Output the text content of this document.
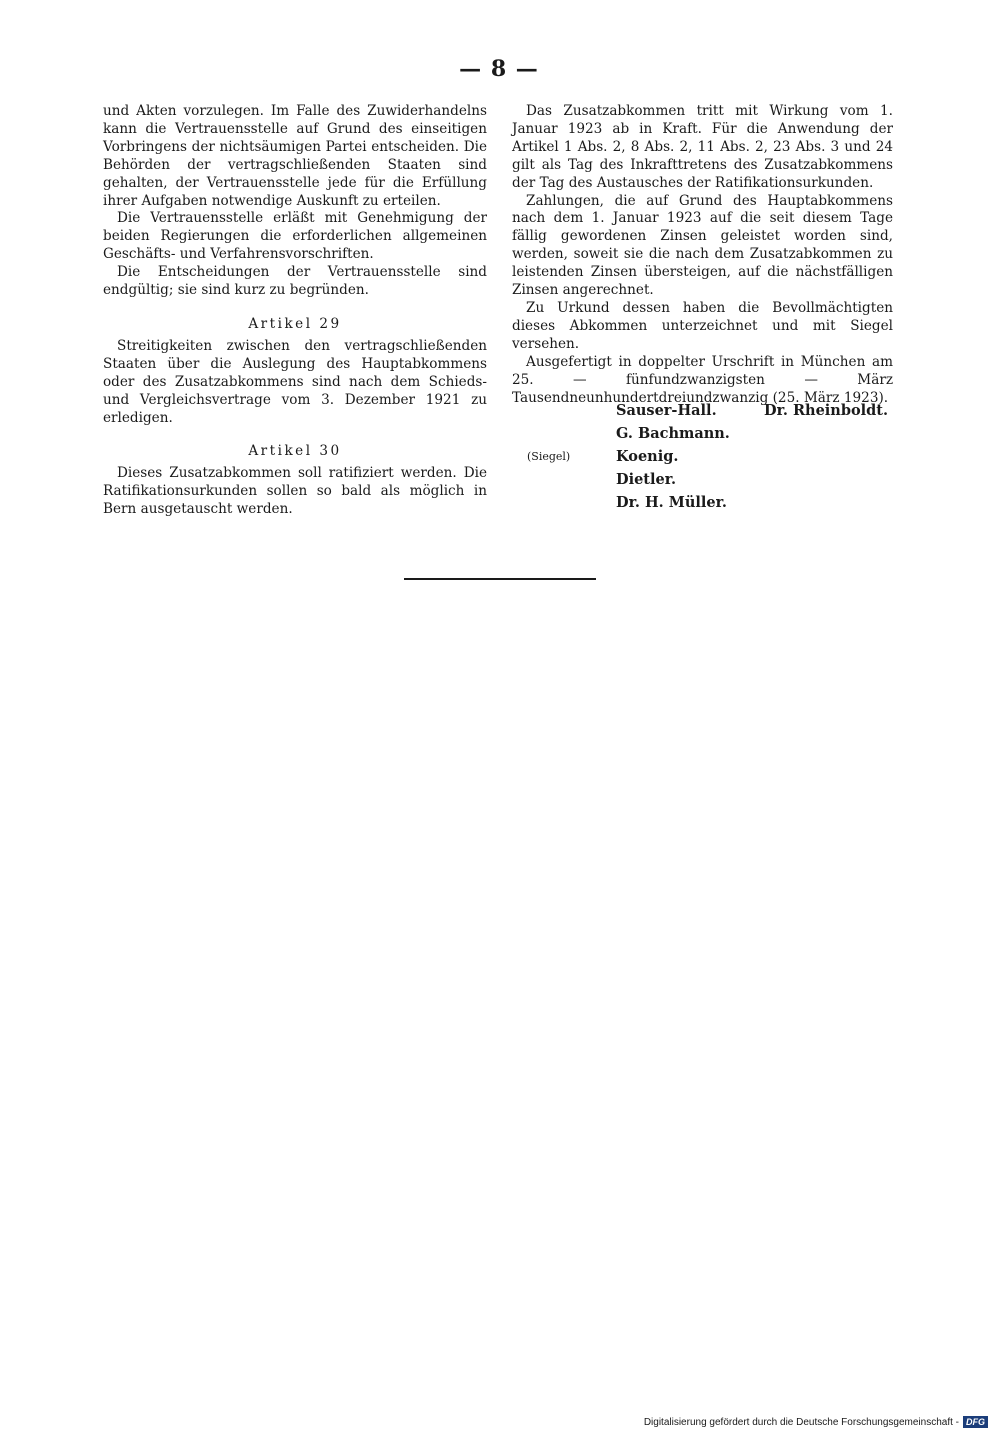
— 8 —

und Akten vorzulegen. Im Falle des Zuwiderhandelns kann die Vertrauensstelle auf Grund des einseitigen Vorbringens der nichtsäumigen Partei entscheiden. Die Behörden der vertragschließenden Staaten sind gehalten, der Vertrauensstelle jede für die Erfüllung ihrer Aufgaben notwendige Auskunft zu erteilen.

Die Vertrauensstelle erläßt mit Genehmigung der beiden Regierungen die erforderlichen allgemeinen Geschäfts- und Verfahrensvorschriften.

Die Entscheidungen der Vertrauensstelle sind endgültig; sie sind kurz zu begründen.

Artikel 29

Streitigkeiten zwischen den vertragschließenden Staaten über die Auslegung des Hauptabkommens oder des Zusatzabkommens sind nach dem Schieds- und Vergleichsvertrage vom 3. Dezember 1921 zu erledigen.

Artikel 30

Dieses Zusatzabkommen soll ratifiziert werden. Die Ratifikationsurkunden sollen so bald als möglich in Bern ausgetauscht werden.

Das Zusatzabkommen tritt mit Wirkung vom 1. Januar 1923 ab in Kraft. Für die Anwendung der Artikel 1 Abs. 2, 8 Abs. 2, 11 Abs. 2, 23 Abs. 3 und 24 gilt als Tag des Inkrafttretens des Zusatzabkommens der Tag des Austausches der Ratifikationsurkunden.

Zahlungen, die auf Grund des Hauptabkommens nach dem 1. Januar 1923 auf die seit diesem Tage fällig gewordenen Zinsen geleistet worden sind, werden, soweit sie die nach dem Zusatzabkommen zu leistenden Zinsen übersteigen, auf die nächstfälligen Zinsen angerechnet.

Zu Urkund dessen haben die Bevollmächtigten dieses Abkommen unterzeichnet und mit Siegel versehen.

Ausgefertigt in doppelter Urschrift in München am 25. — fünfundzwanzigsten — März Tausendneunhundertdreiundzwanzig (25. März 1923).

(Siegel)
Sauser-Hall.
G. Bachmann.
Koenig.
Dietler.
Dr. H. Müller.
Dr. Rheinboldt.
Digitalisierung gefördert durch die Deutsche Forschungsgemeinschaft - DFG
